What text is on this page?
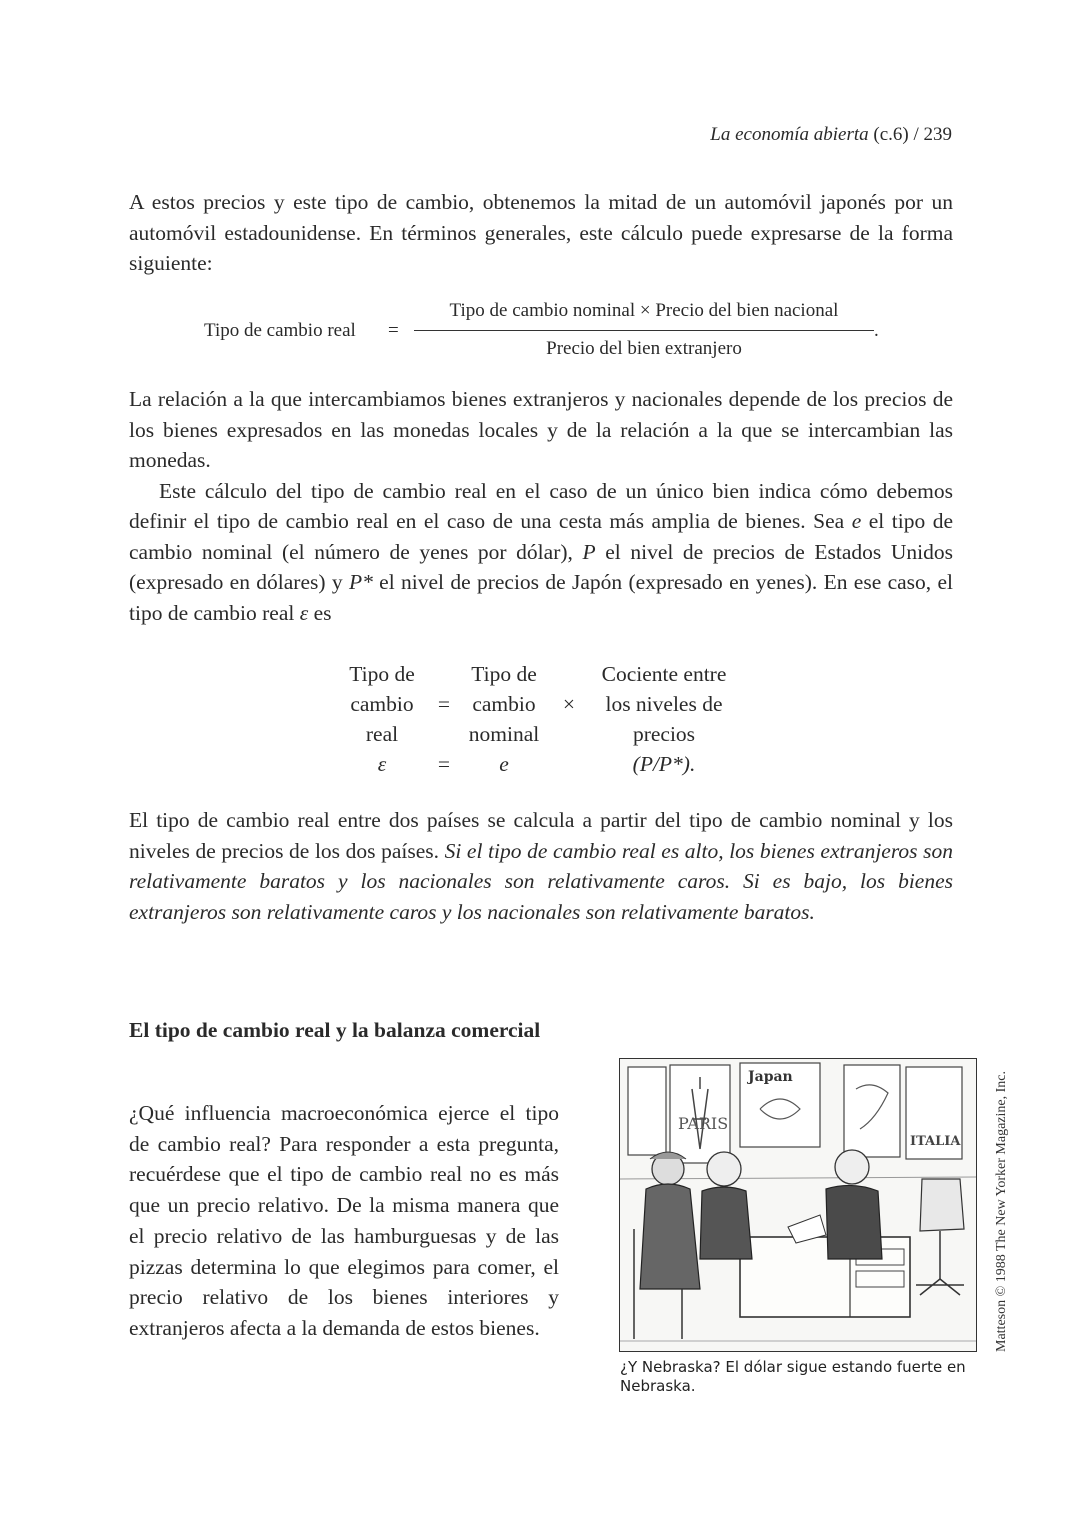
La economía abierta (c.6) / 239

A estos precios y este tipo de cambio, obtenemos la mitad de un automóvil japonés por un automóvil estadounidense. En términos generales, este cálculo puede expresarse de la forma siguiente:

Tipo de cambio real =
Tipo de cambio nominal × Precio del bien nacional
Precio del bien extranjero
.

La relación a la que intercambiamos bienes extranjeros y nacionales depende de los precios de los bienes expresados en las monedas locales y de la relación a la que se intercambian las monedas.

Este cálculo del tipo de cambio real en el caso de un único bien indica cómo debemos definir el tipo de cambio real en el caso de una cesta más amplia de bienes. Sea e el tipo de cambio nominal (el número de yenes por dólar), P el nivel de precios de Estados Unidos (expresado en dólares) y P* el nivel de precios de Japón (expresado en yenes). En ese caso, el tipo de cambio real ε es

Tipo de
cambio
real
ε
=
=
Tipo de
cambio
nominal
e
×
Cociente entre
los niveles de
precios
(P/P*).

El tipo de cambio real entre dos países se calcula a partir del tipo de cambio nominal y los niveles de precios de los dos países. Si el tipo de cambio real es alto, los bienes extranjeros son relativamente baratos y los nacionales son relativamente caros. Si es bajo, los bienes extranjeros son relativamente caros y los nacionales son relativamente baratos.

El tipo de cambio real y la balanza comercial

¿Qué influencia macroeconómica ejerce el tipo de cambio real? Para responder a esta pregunta, recuérdese que el tipo de cambio real no es más que un precio relativo. De la misma manera que el precio relativo de las hamburguesas y de las pizzas determina lo que elegimos para comer, el precio relativo de los bienes interiores y extranjeros afecta a la demanda de estos bienes.

PARIS
Japan
ITALIA
¿Y Nebraska? El dólar sigue estando fuerte en Nebraska.
Matteson © 1988 The New Yorker Magazine, Inc.
